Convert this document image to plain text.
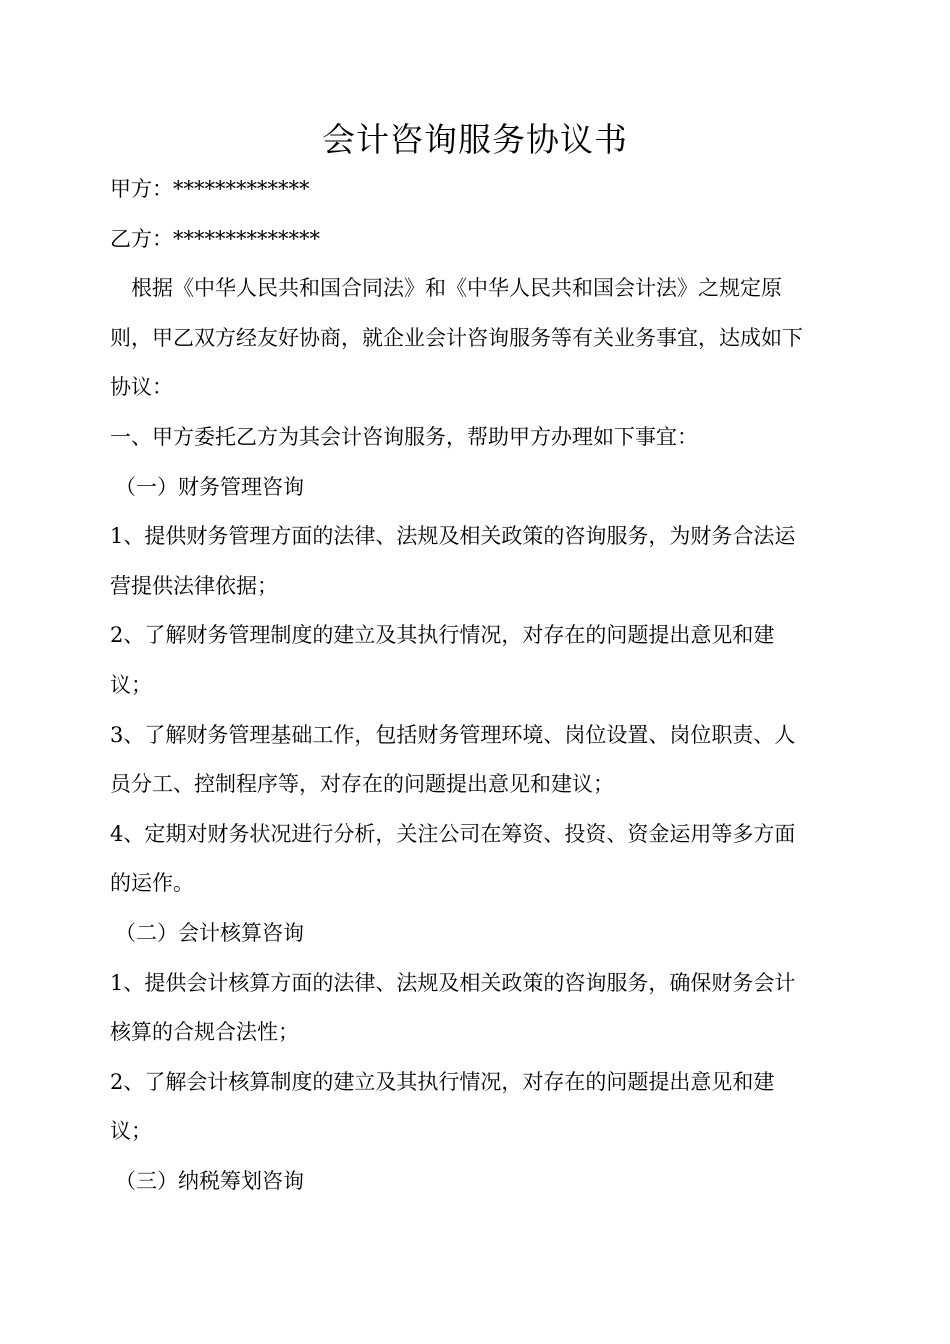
会计咨询服务协议书
甲方：*************
乙方：**************
根据《中华人民共和国合同法》和《中华人民共和国会计法》之规定原
则，甲乙双方经友好协商，就企业会计咨询服务等有关业务事宜，达成如下
协议：
一、甲方委托乙方为其会计咨询服务，帮助甲方办理如下事宜：
（一）财务管理咨询
1、提供财务管理方面的法律、法规及相关政策的咨询服务，为财务合法运
营提供法律依据；
2、了解财务管理制度的建立及其执行情况，对存在的问题提出意见和建
议；
3、了解财务管理基础工作，包括财务管理环境、岗位设置、岗位职责、人
员分工、控制程序等，对存在的问题提出意见和建议；
4、定期对财务状况进行分析，关注公司在筹资、投资、资金运用等多方面
的运作。
（二）会计核算咨询
1、提供会计核算方面的法律、法规及相关政策的咨询服务，确保财务会计
核算的合规合法性；
2、了解会计核算制度的建立及其执行情况，对存在的问题提出意见和建
议；
（三）纳税筹划咨询
